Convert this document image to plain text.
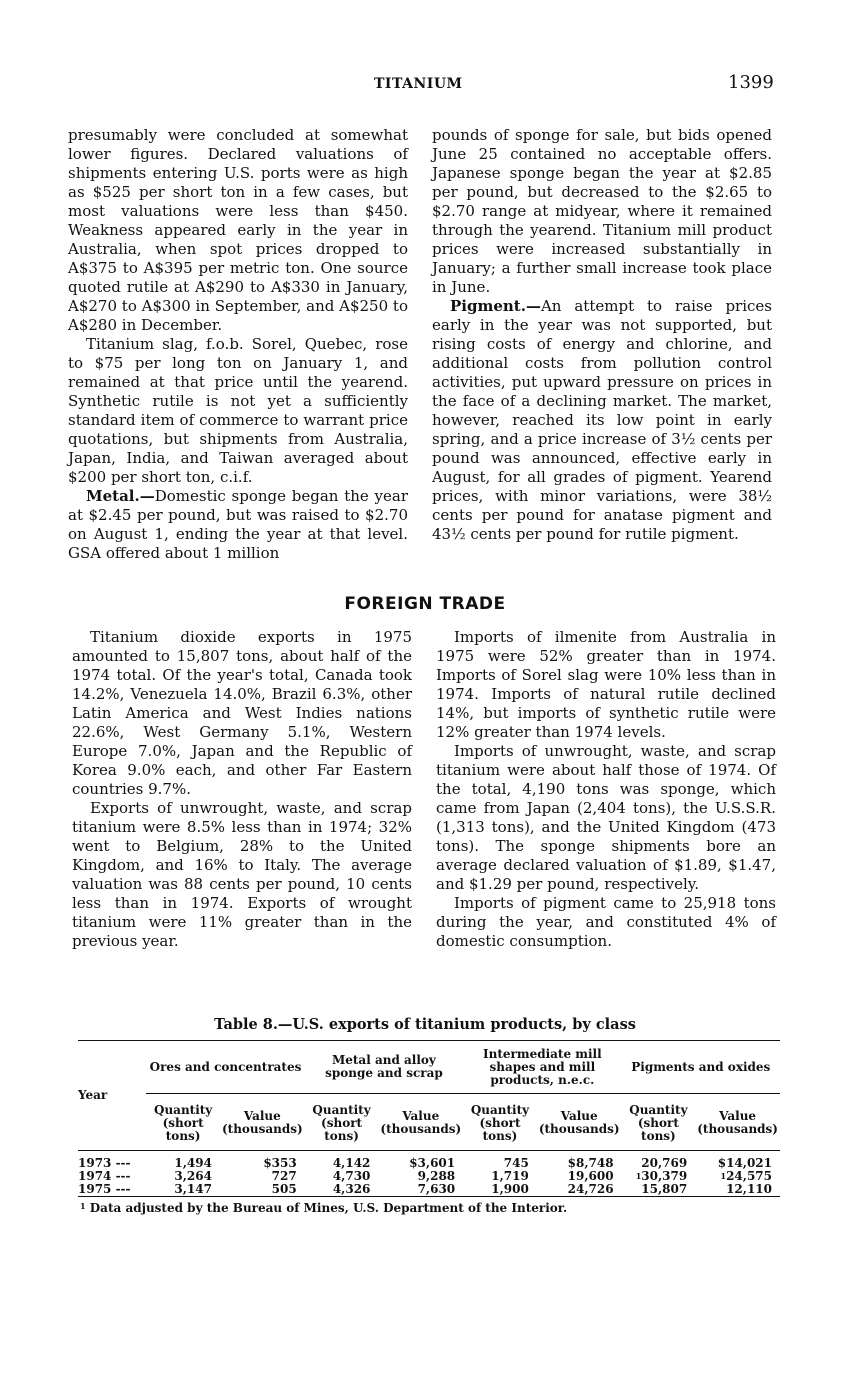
TITANIUM	1399

presumably were concluded at somewhat lower figures. Declared valuations of shipments entering U.S. ports were as high as $525 per short ton in a few cases, but most valuations were less than $450. Weakness appeared early in the year in Australia, when spot prices dropped to A$375 to A$395 per metric ton. One source quoted rutile at A$290 to A$330 in January, A$270 to A$300 in September, and A$250 to A$280 in December.

Titanium slag, f.o.b. Sorel, Quebec, rose to $75 per long ton on January 1, and remained at that price until the yearend. Synthetic rutile is not yet a sufficiently standard item of commerce to warrant price quotations, but shipments from Australia, Japan, India, and Taiwan averaged about $200 per short ton, c.i.f.

Metal.—Domestic sponge began the year at $2.45 per pound, but was raised to $2.70 on August 1, ending the year at that level. GSA offered about 1 million

pounds of sponge for sale, but bids opened June 25 contained no acceptable offers. Japanese sponge began the year at $2.85 per pound, but decreased to the $2.65 to $2.70 range at midyear, where it remained through the yearend. Titanium mill product prices were increased substantially in January; a further small increase took place in June.

Pigment.—An attempt to raise prices early in the year was not supported, but rising costs of energy and chlorine, and additional costs from pollution control activities, put upward pressure on prices in the face of a declining market. The market, however, reached its low point in early spring, and a price increase of 3½ cents per pound was announced, effective early in August, for all grades of pigment. Yearend prices, with minor variations, were 38½ cents per pound for anatase pigment and 43½ cents per pound for rutile pigment.

FOREIGN TRADE

Titanium dioxide exports in 1975 amounted to 15,807 tons, about half of the 1974 total. Of the year's total, Canada took 14.2%, Venezuela 14.0%, Brazil 6.3%, other Latin America and West Indies nations 22.6%, West Germany 5.1%, Western Europe 7.0%, Japan and the Republic of Korea 9.0% each, and other Far Eastern countries 9.7%.

Exports of unwrought, waste, and scrap titanium were 8.5% less than in 1974; 32% went to Belgium, 28% to the United Kingdom, and 16% to Italy. The average valuation was 88 cents per pound, 10 cents less than in 1974. Exports of wrought titanium were 11% greater than in the previous year.

Imports of ilmenite from Australia in 1975 were 52% greater than in 1974. Imports of Sorel slag were 10% less than in 1974. Imports of natural rutile declined 14%, but imports of synthetic rutile were 12% greater than 1974 levels.

Imports of unwrought, waste, and scrap titanium were about half those of 1974. Of the total, 4,190 tons was sponge, which came from Japan (2,404 tons), the U.S.S.R. (1,313 tons), and the United Kingdom (473 tons). The sponge shipments bore an average declared valuation of $1.89, $1.47, and $1.29 per pound, respectively.

Imports of pigment came to 25,918 tons during the year, and constituted 4% of domestic consumption.

Table 8.—U.S. exports of titanium products, by class
Year	Ores and concentrates		Metal and alloy sponge and scrap		Intermediate mill shapes and mill products, n.e.c.		Pigments and oxides	
	Quantity (short tons)	Value (thousands)	Quantity (short tons)	Value (thousands)	Quantity (short tons)	Value (thousands)	Quantity (short tons)	Value (thousands)
1973 ---	1,494	$353	4,142	$3,601	745	$8,748	20,769	$14,021
1974 ---	3,264	727	4,730	9,288	1,719	19,600	$^1$30,379	$^1$24,575
1975 ---	3,147	505	4,326	7,630	1,900	24,726	15,807	12,110
$^1$ Data adjusted by the Bureau of Mines, U.S. Department of the Interior.
